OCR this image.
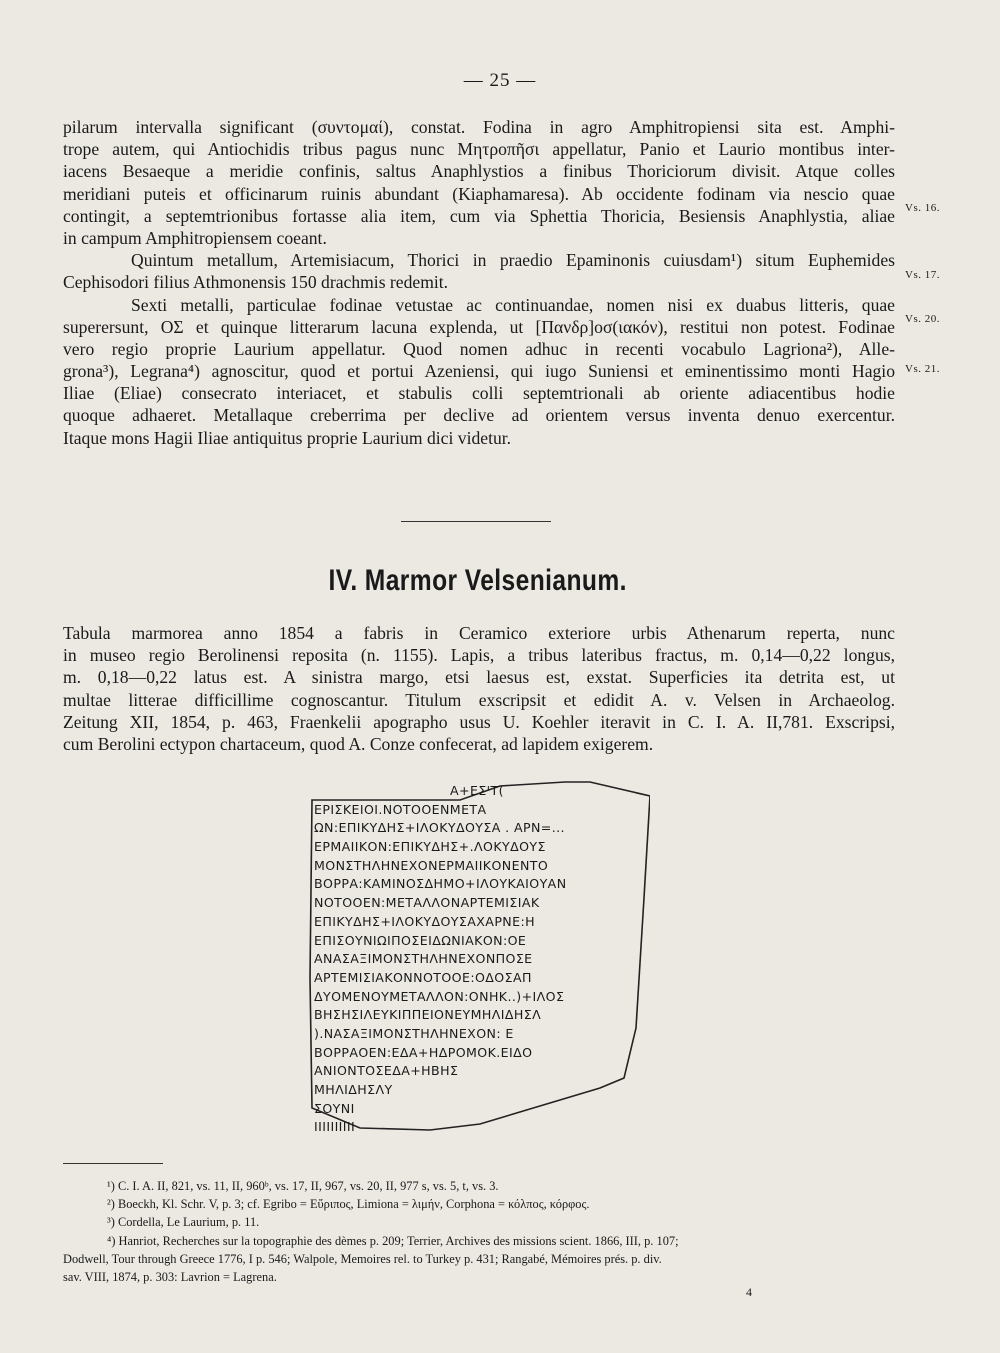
— 25 —
pilarum intervalla significant (συντομαί), constat. Fodina in agro Amphitropiensi sita est. Amphi-
trope autem, qui Antiochidis tribus pagus nunc Μητροπῆσι appellatur, Panio et Laurio montibus inter-
iacens Besaeque a meridie confinis, saltus Anaphlystios a finibus Thoriciorum divisit. Atque colles
meridiani puteis et officinarum ruinis abundant (Kiaphamaresa). Ab occidente fodinam via nescio quae
contingit, a septemtrionibus fortasse alia item, cum via Sphettia Thoricia, Besiensis Anaphlystia, aliae
in campum Amphitropiensem coeant.
Quintum metallum, Artemisiacum, Thorici in praedio Epaminonis cuiusdam¹) situm Euphemides
Cephisodori filius Athmonensis 150 drachmis redemit.
Sexti metalli, particulae fodinae vetustae ac continuandae, nomen nisi ex duabus litteris, quae
superersunt, ΟΣ et quinque litterarum lacuna explenda, ut [Πανδρ]οσ(ιακόν), restitui non potest. Fodinae
vero regio proprie Laurium appellatur. Quod nomen adhuc in recenti vocabulo Lagriona²), Alle-
grona³), Legrana⁴) agnoscitur, quod et portui Azeniensi, qui iugo Suniensi et eminentissimo monti Hagio
Iliae (Eliae) consecrato interiacet, et stabulis colli septemtrionali ab oriente adiacentibus hodie
quoque adhaeret. Metallaque creberrima per declive ad orientem versus inventa denuo exercentur.
Itaque mons Hagii Iliae antiquitus proprie Laurium dici videtur.
Vs. 16.
Vs. 17.
Vs. 20.
Vs. 21.
IV. Marmor Velsenianum.
Tabula marmorea anno 1854 a fabris in Ceramico exteriore urbis Athenarum reperta, nunc
in museo regio Berolinensi reposita (n. 1155). Lapis, a tribus lateribus fractus, m. 0,14—0,22 longus,
m. 0,18—0,22 latus est. A sinistra margo, etsi laesus est, exstat. Superficies ita detrita est, ut
multae litterae difficillime cognoscantur. Titulum exscripsit et edidit A. v. Velsen in Archaeolog.
Zeitung XII, 1854, p. 463, Fraenkelii apographo usus U. Koehler iteravit in C. I. A. II,781. Exscripsi,
cum Berolini ectypon chartaceum, quod A. Conze confecerat, ad lapidem exigerem.
Α+ΕΣ'Τ(
ΕΡΙΣΚΕΙΟΙ.ΝΟΤΟΟΕΝΜΕΤΑ
ΩΝ:ΕΠΙΚΥΔΗΣ+ΙΛΟΚΥΔΟΥΣΑ . ΑΡΝ=...
ΕΡΜΑΙΙΚΟΝ:ΕΠΙΚΥΔΗΣ+.ΛΟΚΥΔΟΥΣ
ΜΟΝΣΤΗΛΗΝΕΧΟΝΕΡΜΑΙΙΚΟΝΕΝΤΟ
ΒΟΡΡΑ:ΚΑΜΙΝΟΣΔΗΜΟ+ΙΛΟΥΚΑΙΟΥΑΝ
ΝΟΤΟΟΕΝ:ΜΕΤΑΛΛΟΝΑΡΤΕΜΙΣΙΑΚ
ΕΠΙΚΥΔΗΣ+ΙΛΟΚΥΔΟΥΣΑΧΑΡΝΕ:Η
ΕΠΙΣΟΥΝΙΩΙΠΟΣΕΙΔΩΝΙΑΚΟΝ:ΟΕ
ΑΝΑΣΑΞΙΜΟΝΣΤΗΛΗΝΕΧΟΝΠΟΣΕ
ΑΡΤΕΜΙΣΙΑΚΟΝΝΟΤΟΟΕ:ΟΔΟΣΑΠ
ΔΥΟΜΕΝΟΥΜΕΤΑΛΛΟΝ:ΟΝΗΚ..)+ΙΛΟΣ
ΒΗΣΗΣΙΛΕΥΚΙΠΠΕΙΟΝΕΥΜΗΛΙΔΗΣΛ
).ΝΑΣΑΞΙΜΟΝΣΤΗΛΗΝΕΧΟΝ: Ε
ΒΟΡΡΑΟΕΝ:ΕΔΑ+ΗΔΡΟΜΟΚ.ΕΙΔΟ
ΑΝΙΟΝΤΟΣΕΔΑ+ΗΒΗΣ
ΜΗΛΙΔΗΣΛΥ
ΣΟΥΝΙ
ΙΙΙΙΙΙΙΙΙΙ
¹) C. I. A. II, 821, vs. 11, II, 960ᵇ, vs. 17, II, 967, vs. 20, II, 977 s, vs. 5, t, vs. 3.
²) Boeckh, Kl. Schr. V, p. 3; cf. Egribo = Εὔριπος, Limiona = λιμήν, Corphona = κόλπος, κόρφος.
³) Cordella, Le Laurium, p. 11.
⁴) Hanriot, Recherches sur la topographie des dèmes p. 209; Terrier, Archives des missions scient. 1866, III, p. 107;
Dodwell, Tour through Greece 1776, I p. 546; Walpole, Memoires rel. to Turkey p. 431; Rangabé, Mémoires prés. p. div.
sav. VIII, 1874, p. 303: Lavrion = Lagrena.
4
